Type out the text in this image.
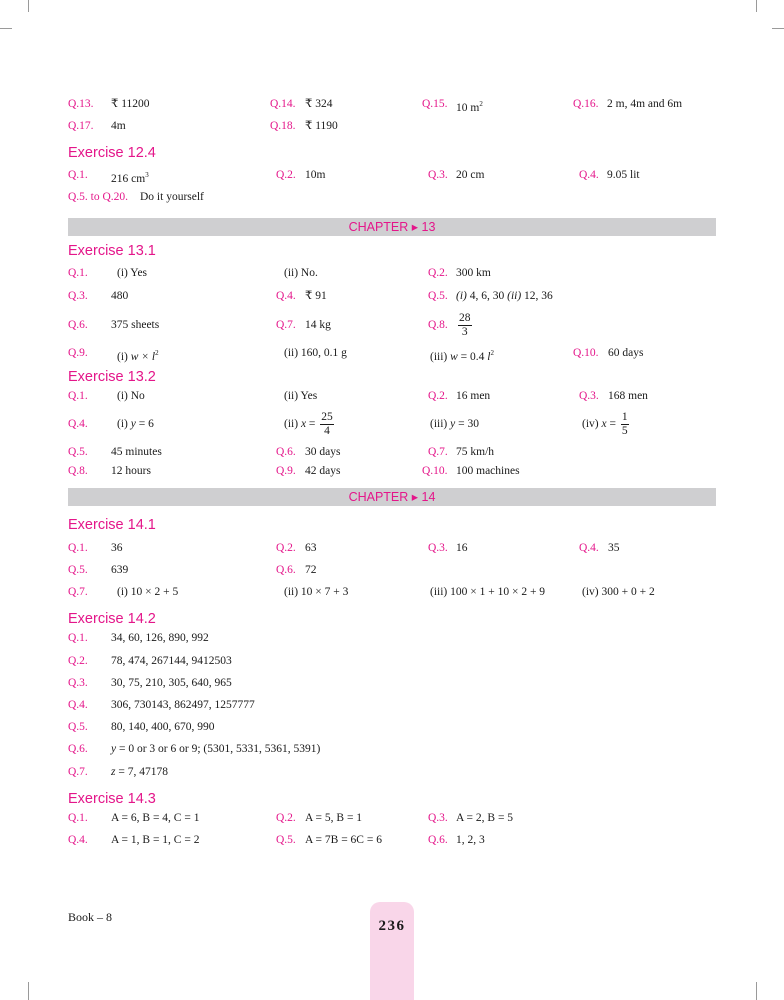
Q.13. ₹ 11200	Q.14. ₹ 324	Q.15. 10 $m^2$	Q.16. 2 m, 4m and 6m
Q.17. 4m	Q.18. ₹ 1190
Exercise 12.4
Q.1. 216 $cm^3$	Q.2. 10m	Q.3. 20 cm	Q.4. 9.05 lit
Q.5. to Q.20. Do it yourself
CHAPTER ▸ 13
Exercise 13.1
Q.1.	(i) Yes	(ii) No.	Q.2. 300 km
Q.3. 480	Q.4. ₹ 91	Q.5. (i) 4, 6, 30 (ii) 12, 36
Q.6. 375 sheets	Q.7. 14 kg	Q.8. $\frac{28}{3}$
Q.9.	(i) $w \times l^2$	(ii) 160, 0.1 g	(iii) w = 0.4 $l^2$	Q.10. 60 days
Exercise 13.2
Q.1.	(i) No	(ii) Yes	Q.2. 16 men	Q.3. 168 men
Q.4.	(i) y = 6	(ii) $x = \frac{25}{4}$	(iii) y = 30	(iv) $x = \frac{1}{5}$
Q.5. 45 minutes	Q.6. 30 days	Q.7. 75 km/h
Q.8. 12 hours	Q.9. 42 days	Q.10. 100 machines
CHAPTER ▸ 14
Exercise 14.1
Q.1. 36	Q.2. 63	Q.3. 16	Q.4. 35
Q.5. 639	Q.6. 72
Q.7.	(i) 10 × 2 + 5	(ii) 10 × 7 + 3	(iii) 100 × 1 + 10 × 2 + 9	(iv) 300 + 0 + 2
Exercise 14.2
Q.1. 34, 60, 126, 890, 992
Q.2. 78, 474, 267144, 9412503
Q.3. 30, 75, 210, 305, 640, 965
Q.4. 306, 730143, 862497, 1257777
Q.5. 80, 140, 400, 670, 990
Q.6. y = 0 or 3 or 6 or 9; (5301, 5331, 5361, 5391)
Q.7. z = 7, 47178
Exercise 14.3
Q.1. A = 6, B = 4, C = 1	Q.2. A = 5, B = 1	Q.3. A = 2, B = 5
Q.4. A = 1, B = 1, C = 2	Q.5. A = 7B = 6C = 6	Q.6. 1, 2, 3
Book – 8
236
